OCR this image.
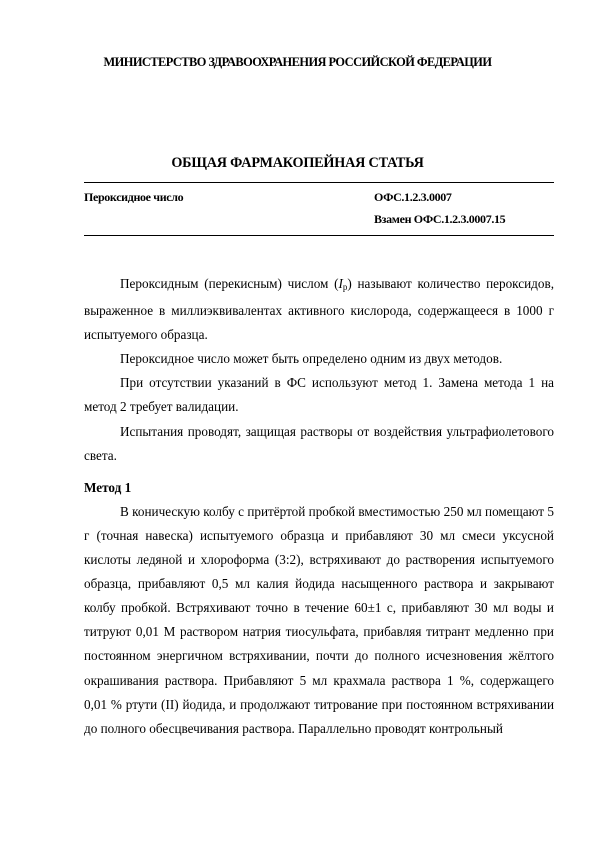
МИНИСТЕРСТВО ЗДРАВООХРАНЕНИЯ РОССИЙСКОЙ ФЕДЕРАЦИИ
ОБЩАЯ ФАРМАКОПЕЙНАЯ СТАТЬЯ
Пероксидное число	ОФС.1.2.3.0007
Взамен ОФС.1.2.3.0007.15

Пероксидным (перекисным) числом $(I_p)$ называют количество пероксидов, выраженное в миллиэквивалентах активного кислорода, содержащееся в 1000 г испытуемого образца.

Пероксидное число может быть определено одним из двух методов.

При отсутствии указаний в ФС используют метод 1. Замена метода 1 на метод 2 требует валидации.

Испытания проводят, защищая растворы от воздействия ультрафиолетового света.

Метод 1

В коническую колбу с притёртой пробкой вместимостью 250 мл помещают 5 г (точная навеска) испытуемого образца и прибавляют 30 мл смеси уксусной кислоты ледяной и хлороформа (3:2), встряхивают до растворения испытуемого образца, прибавляют 0,5 мл калия йодида насыщенного раствора и закрывают колбу пробкой. Встряхивают точно в течение 60±1 с, прибавляют 30 мл воды и титруют 0,01 М раствором натрия тиосульфата, прибавляя титрант медленно при постоянном энергичном встряхивании, почти до полного исчезновения жёлтого окрашивания раствора. Прибавляют 5 мл крахмала раствора 1 %, содержащего 0,01 % ртути (II) йодида, и продолжают титрование при постоянном встряхивании до полного обесцвечивания раствора. Параллельно проводят контрольный
